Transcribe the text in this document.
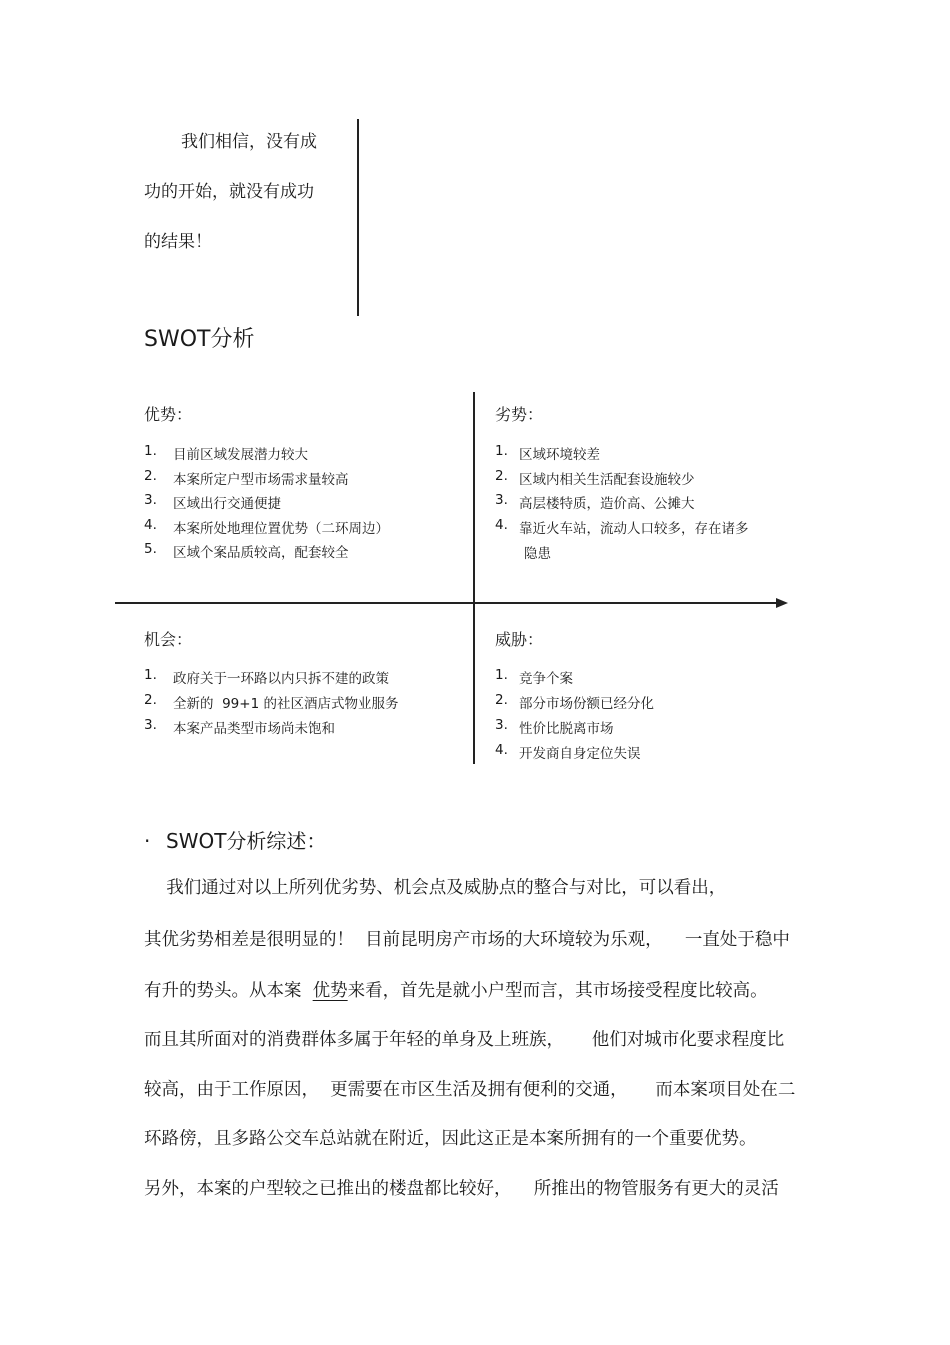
我们相信，没有成
功的开始，就没有成功
的结果！
SWOT分析
优势：
1.	目前区域发展潜力较大
2.	本案所定户型市场需求量较高
3.	区域出行交通便捷
4.	本案所处地理位置优势（二环周边）
5.	区域个案品质较高，配套较全
劣势：
1. 区域环境较差
2. 区域内相关生活配套设施较少
3. 高层楼特质，造价高、公摊大
4. 靠近火车站，流动人口较多，存在诸多
隐患
机会：
1.	政府关于一环路以内只拆不建的政策
2.	全新的  99+1 的社区酒店式物业服务
3.	本案产品类型市场尚未饱和
威胁：
1. 竞争个案
2. 部分市场份额已经分化
3. 性价比脱离市场
4. 开发商自身定位失误
· SWOT分析综述：
我们通过对以上所列优劣势、机会点及威胁点的整合与对比，可以看出，
其优劣势相差是很明显的！  目前昆明房产市场的大环境较为乐观，    一直处于稳中
有升的势头。从本案 优势来看，首先是就小户型而言，其市场接受程度比较高。
而且其所面对的消费群体多属于年轻的单身及上班族，     他们对城市化要求程度比
较高，由于工作原因，  更需要在市区生活及拥有便利的交通，     而本案项目处在二
环路傍，且多路公交车总站就在附近，因此这正是本案所拥有的一个重要优势。
另外，本案的户型较之已推出的楼盘都比较好，    所推出的物管服务有更大的灵活
